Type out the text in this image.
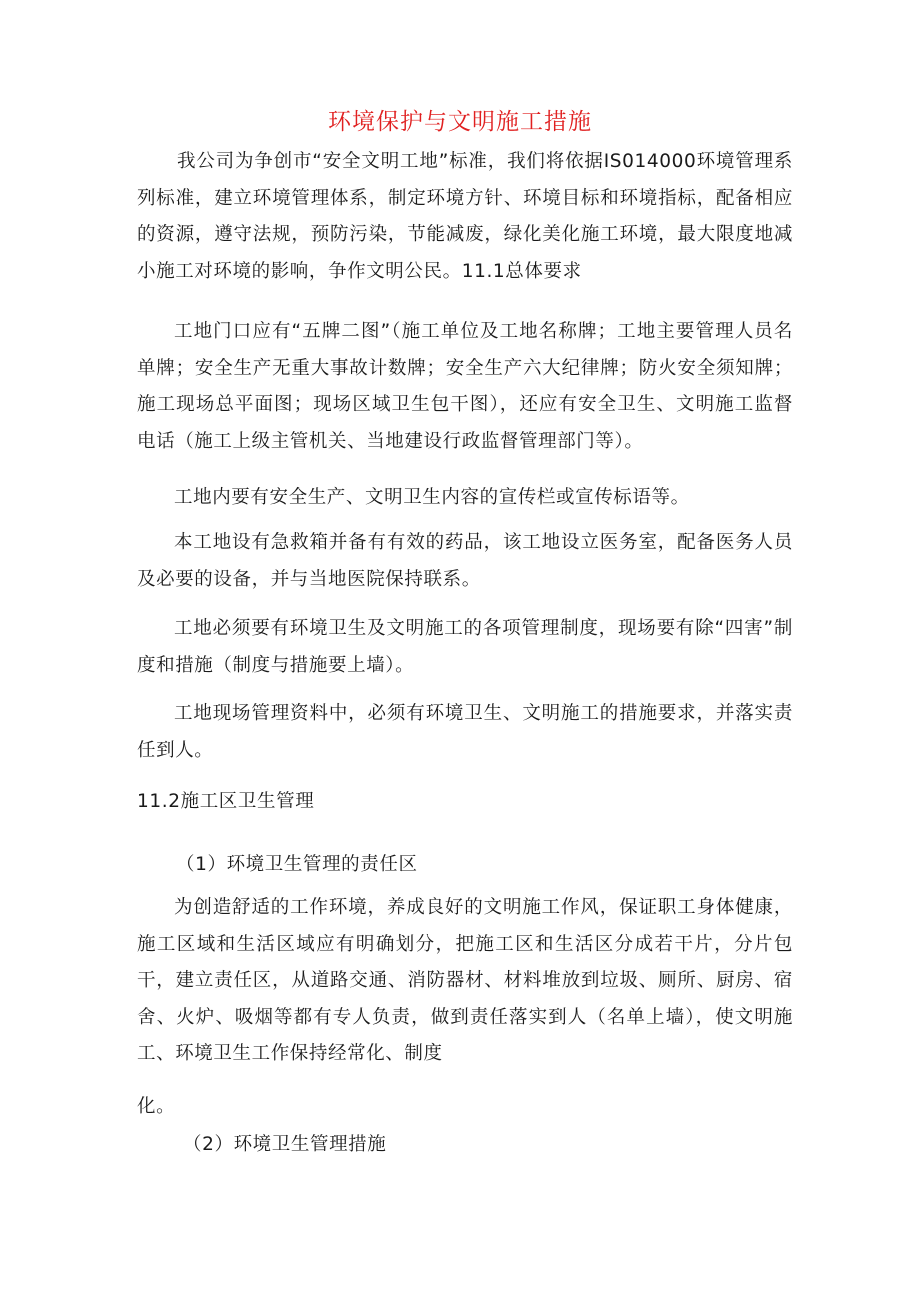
环境保护与文明施工措施

我公司为争创市“安全文明工地”标准，我们将依据IS014000环境管理系列标准，建立环境管理体系，制定环境方针、环境目标和环境指标，配备相应的资源，遵守法规，预防污染，节能减废，绿化美化施工环境，最大限度地减小施工对环境的影响，争作文明公民。11.1总体要求

工地门口应有“五牌二图”（施工单位及工地名称牌；工地主要管理人员名单牌；安全生产无重大事故计数牌；安全生产六大纪律牌；防火安全须知牌；施工现场总平面图；现场区域卫生包干图），还应有安全卫生、文明施工监督电话（施工上级主管机关、当地建设行政监督管理部门等）。

工地内要有安全生产、文明卫生内容的宣传栏或宣传标语等。

本工地设有急救箱并备有有效的药品，该工地设立医务室，配备医务人员及必要的设备，并与当地医院保持联系。

工地必须要有环境卫生及文明施工的各项管理制度，现场要有除“四害”制度和措施（制度与措施要上墙）。

工地现场管理资料中，必须有环境卫生、文明施工的措施要求，并落实责任到人。

11.2施工区卫生管理

（1）环境卫生管理的责任区

为创造舒适的工作环境，养成良好的文明施工作风，保证职工身体健康，施工区域和生活区域应有明确划分，把施工区和生活区分成若干片，分片包干，建立责任区，从道路交通、消防器材、材料堆放到垃圾、厕所、厨房、宿舍、火炉、吸烟等都有专人负责，做到责任落实到人（名单上墙），使文明施工、环境卫生工作保持经常化、制度

化。

（2）环境卫生管理措施
